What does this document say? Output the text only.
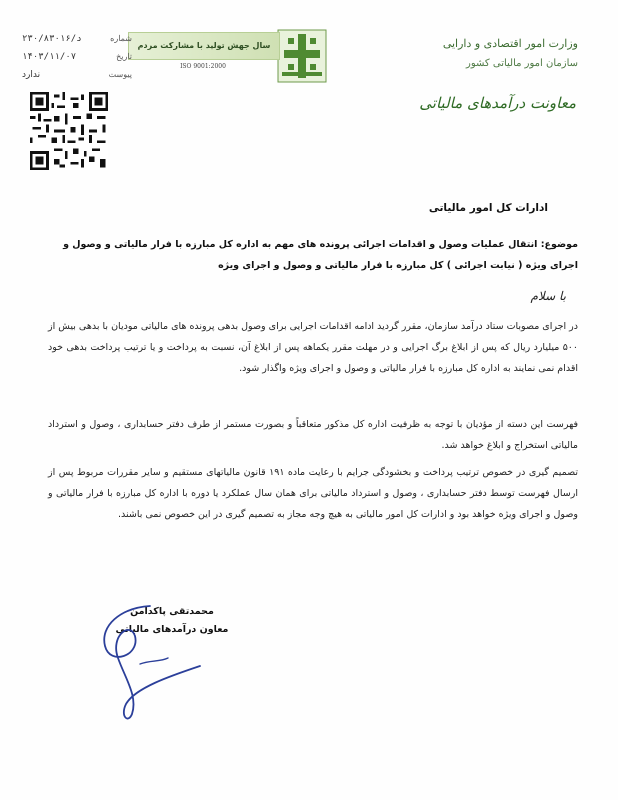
وزارت امور اقتصادی و دارایی
سازمان امور مالیاتی کشور
سال جهش تولید با مشارکت مردم
ISO 9001:2000
شماره
۲۳۰/۸۳۰۱۶/د
تاریخ
۱۴۰۳/۱۱/۰۷
پیوست
ندارد
معاونت درآمدهای مالیاتی
ادارات کل امور مالیاتی
موضوع: انتقال عملیات وصول و اقدامات اجرائی پرونده های مهم به اداره کل مبارزه با فرار مالیاتی و وصول و اجرای ویژه ( نیابت اجرائی ) کل مبارزه با فرار مالیاتی و وصول و اجرای ویژه
با سلام
در اجرای مصوبات ستاد درآمد سازمان، مقرر گردید ادامه اقدامات اجرایی برای وصول بدهی پرونده های مالیاتی مودیان با بدهی بیش از ۵۰۰ میلیارد ریال که پس از ابلاغ برگ اجرایی و در مهلت مقرر یکماهه پس از ابلاغ آن، نسبت به پرداخت و یا ترتیب پرداخت بدهی خود اقدام نمی نمایند به اداره کل مبارزه با فرار مالیاتی و وصول و اجرای ویژه واگذار شود.
فهرست این دسته از مؤدیان با توجه به ظرفیت اداره کل مذکور متعاقباً و بصورت مستمر از طرف دفتر حسابداری ، وصول و استرداد مالیاتی استخراج و ابلاغ خواهد شد.
تصمیم گیری در خصوص ترتیب پرداخت و بخشودگی جرایم با رعایت ماده ۱۹۱ قانون مالیاتهای مستقیم و سایر مقررات مربوط پس از ارسال فهرست توسط دفتر حسابداری ، وصول و استرداد مالیاتی برای همان سال عملکرد یا دوره با اداره کل مبارزه با فرار مالیاتی و وصول و اجرای ویژه خواهد بود و ادارات کل امور مالیاتی به هیچ وجه مجاز به تصمیم گیری در این خصوص نمی باشند.
محمدتقی پاکدامن
معاون درآمدهای مالیاتی
